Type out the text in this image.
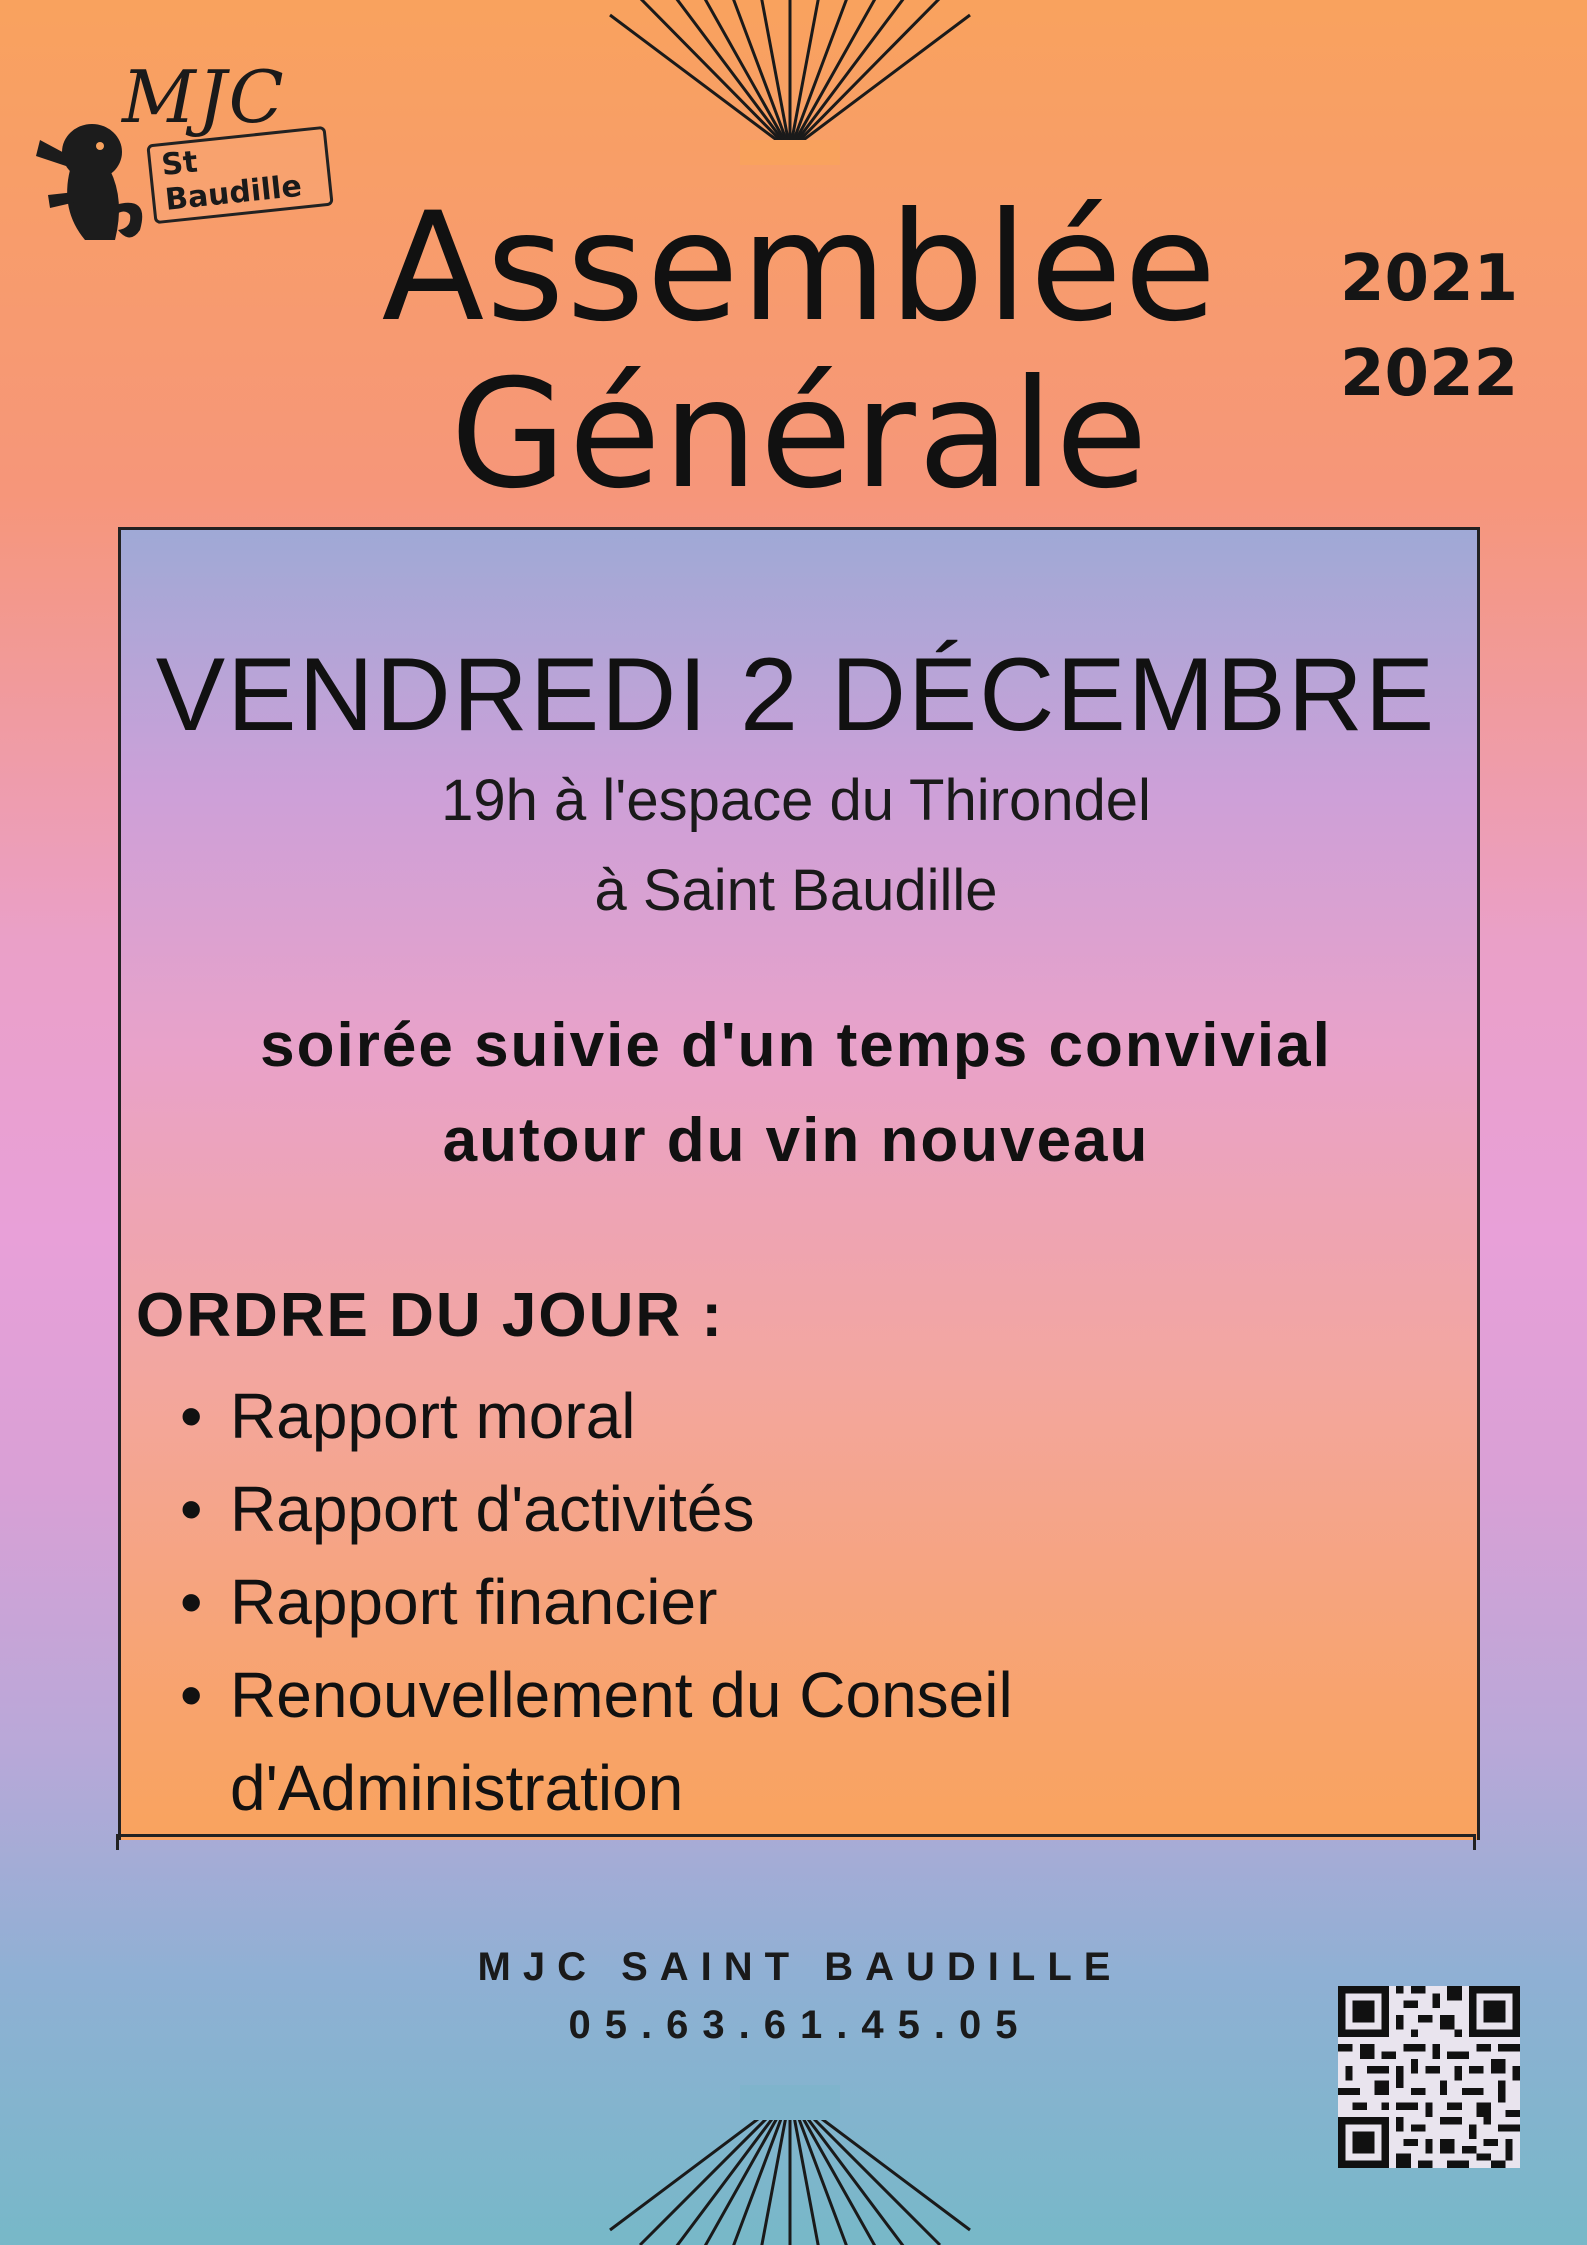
MJC
St Baudille Assemblée
Générale
2021
2022
VENDREDI 2 DÉCEMBRE
19h à l'espace du Thirondel
à Saint Baudille
soirée suivie d'un temps convivial
autour du vin nouveau
ORDRE DU JOUR :
• Rapport moral
• Rapport d'activités
• Rapport financier
• Renouvellement du Conseil
d'Administration
MJC SAINT BAUDILLE
05.63.61.45.05
